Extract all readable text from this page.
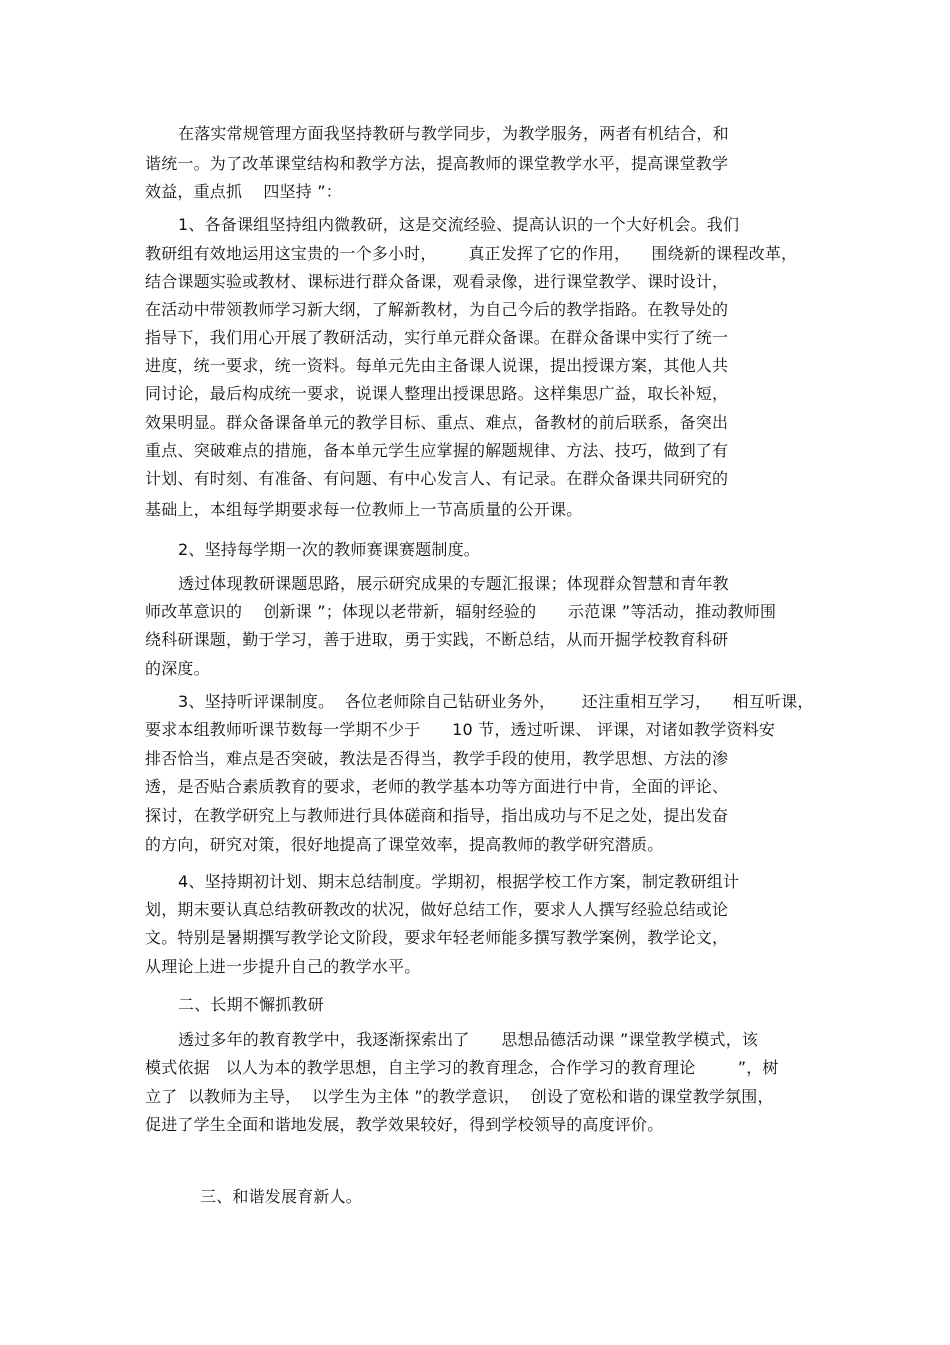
在落实常规管理方面我坚持教研与教学同步，为教学服务，两者有机结合，和
谐统一。为了改革课堂结构和教学方法，提高教师的课堂教学水平，提高课堂教学
效益，重点抓    四坚持 ”：
1、各备课组坚持组内微教研，这是交流经验、提高认识的一个大好机会。我们
教研组有效地运用这宝贵的一个多小时，      真正发挥了它的作用，    围绕新的课程改革，
结合课题实验或教材、课标进行群众备课，观看录像，进行课堂教学、课时设计，
在活动中带领教师学习新大纲，了解新教材，为自己今后的教学指路。在教导处的
指导下，我们用心开展了教研活动，实行单元群众备课。在群众备课中实行了统一
进度，统一要求，统一资料。每单元先由主备课人说课，提出授课方案，其他人共
同讨论，最后构成统一要求，说课人整理出授课思路。这样集思广益，取长补短，
效果明显。群众备课备单元的教学目标、重点、难点，备教材的前后联系，备突出
重点、突破难点的措施，备本单元学生应掌握的解题规律、方法、技巧，做到了有
计划、有时刻、有准备、有问题、有中心发言人、有记录。在群众备课共同研究的
基础上，本组每学期要求每一位教师上一节高质量的公开课。
2、坚持每学期一次的教师赛课赛题制度。
透过体现教研课题思路，展示研究成果的专题汇报课；体现群众智慧和青年教
师改革意识的    创新课 ”；体现以老带新，辐射经验的      示范课 ”等活动，推动教师围
绕科研课题，勤于学习，善于进取，勇于实践，不断总结，从而开掘学校教育科研
的深度。
3、坚持听评课制度。  各位老师除自己钻研业务外，     还注重相互学习，    相互听课，
要求本组教师听课节数每一学期不少于      10 节，透过听课、 评课，对诸如教学资料安
排否恰当，难点是否突破，教法是否得当，教学手段的使用，教学思想、方法的渗
透，是否贴合素质教育的要求，老师的教学基本功等方面进行中肯，全面的评论、
探讨，在教学研究上与教师进行具体磋商和指导，指出成功与不足之处，提出发奋
的方向，研究对策，很好地提高了课堂效率，提高教师的教学研究潜质。
4、坚持期初计划、期末总结制度。学期初，根据学校工作方案，制定教研组计
划，期末要认真总结教研教改的状况，做好总结工作，要求人人撰写经验总结或论
文。特别是暑期撰写教学论文阶段，要求年轻老师能多撰写教学案例，教学论文，
从理论上进一步提升自己的教学水平。
二、长期不懈抓教研
透过多年的教育教学中，我逐渐探索出了      思想品德活动课 ”课堂教学模式，该
模式依据   以人为本的教学思想，自主学习的教育理念，合作学习的教育理论        ”，树
立了  以教师为主导，  以学生为主体 ”的教学意识，  创设了宽松和谐的课堂教学氛围，
促进了学生全面和谐地发展，教学效果较好，得到学校领导的高度评价。
三、和谐发展育新人。
